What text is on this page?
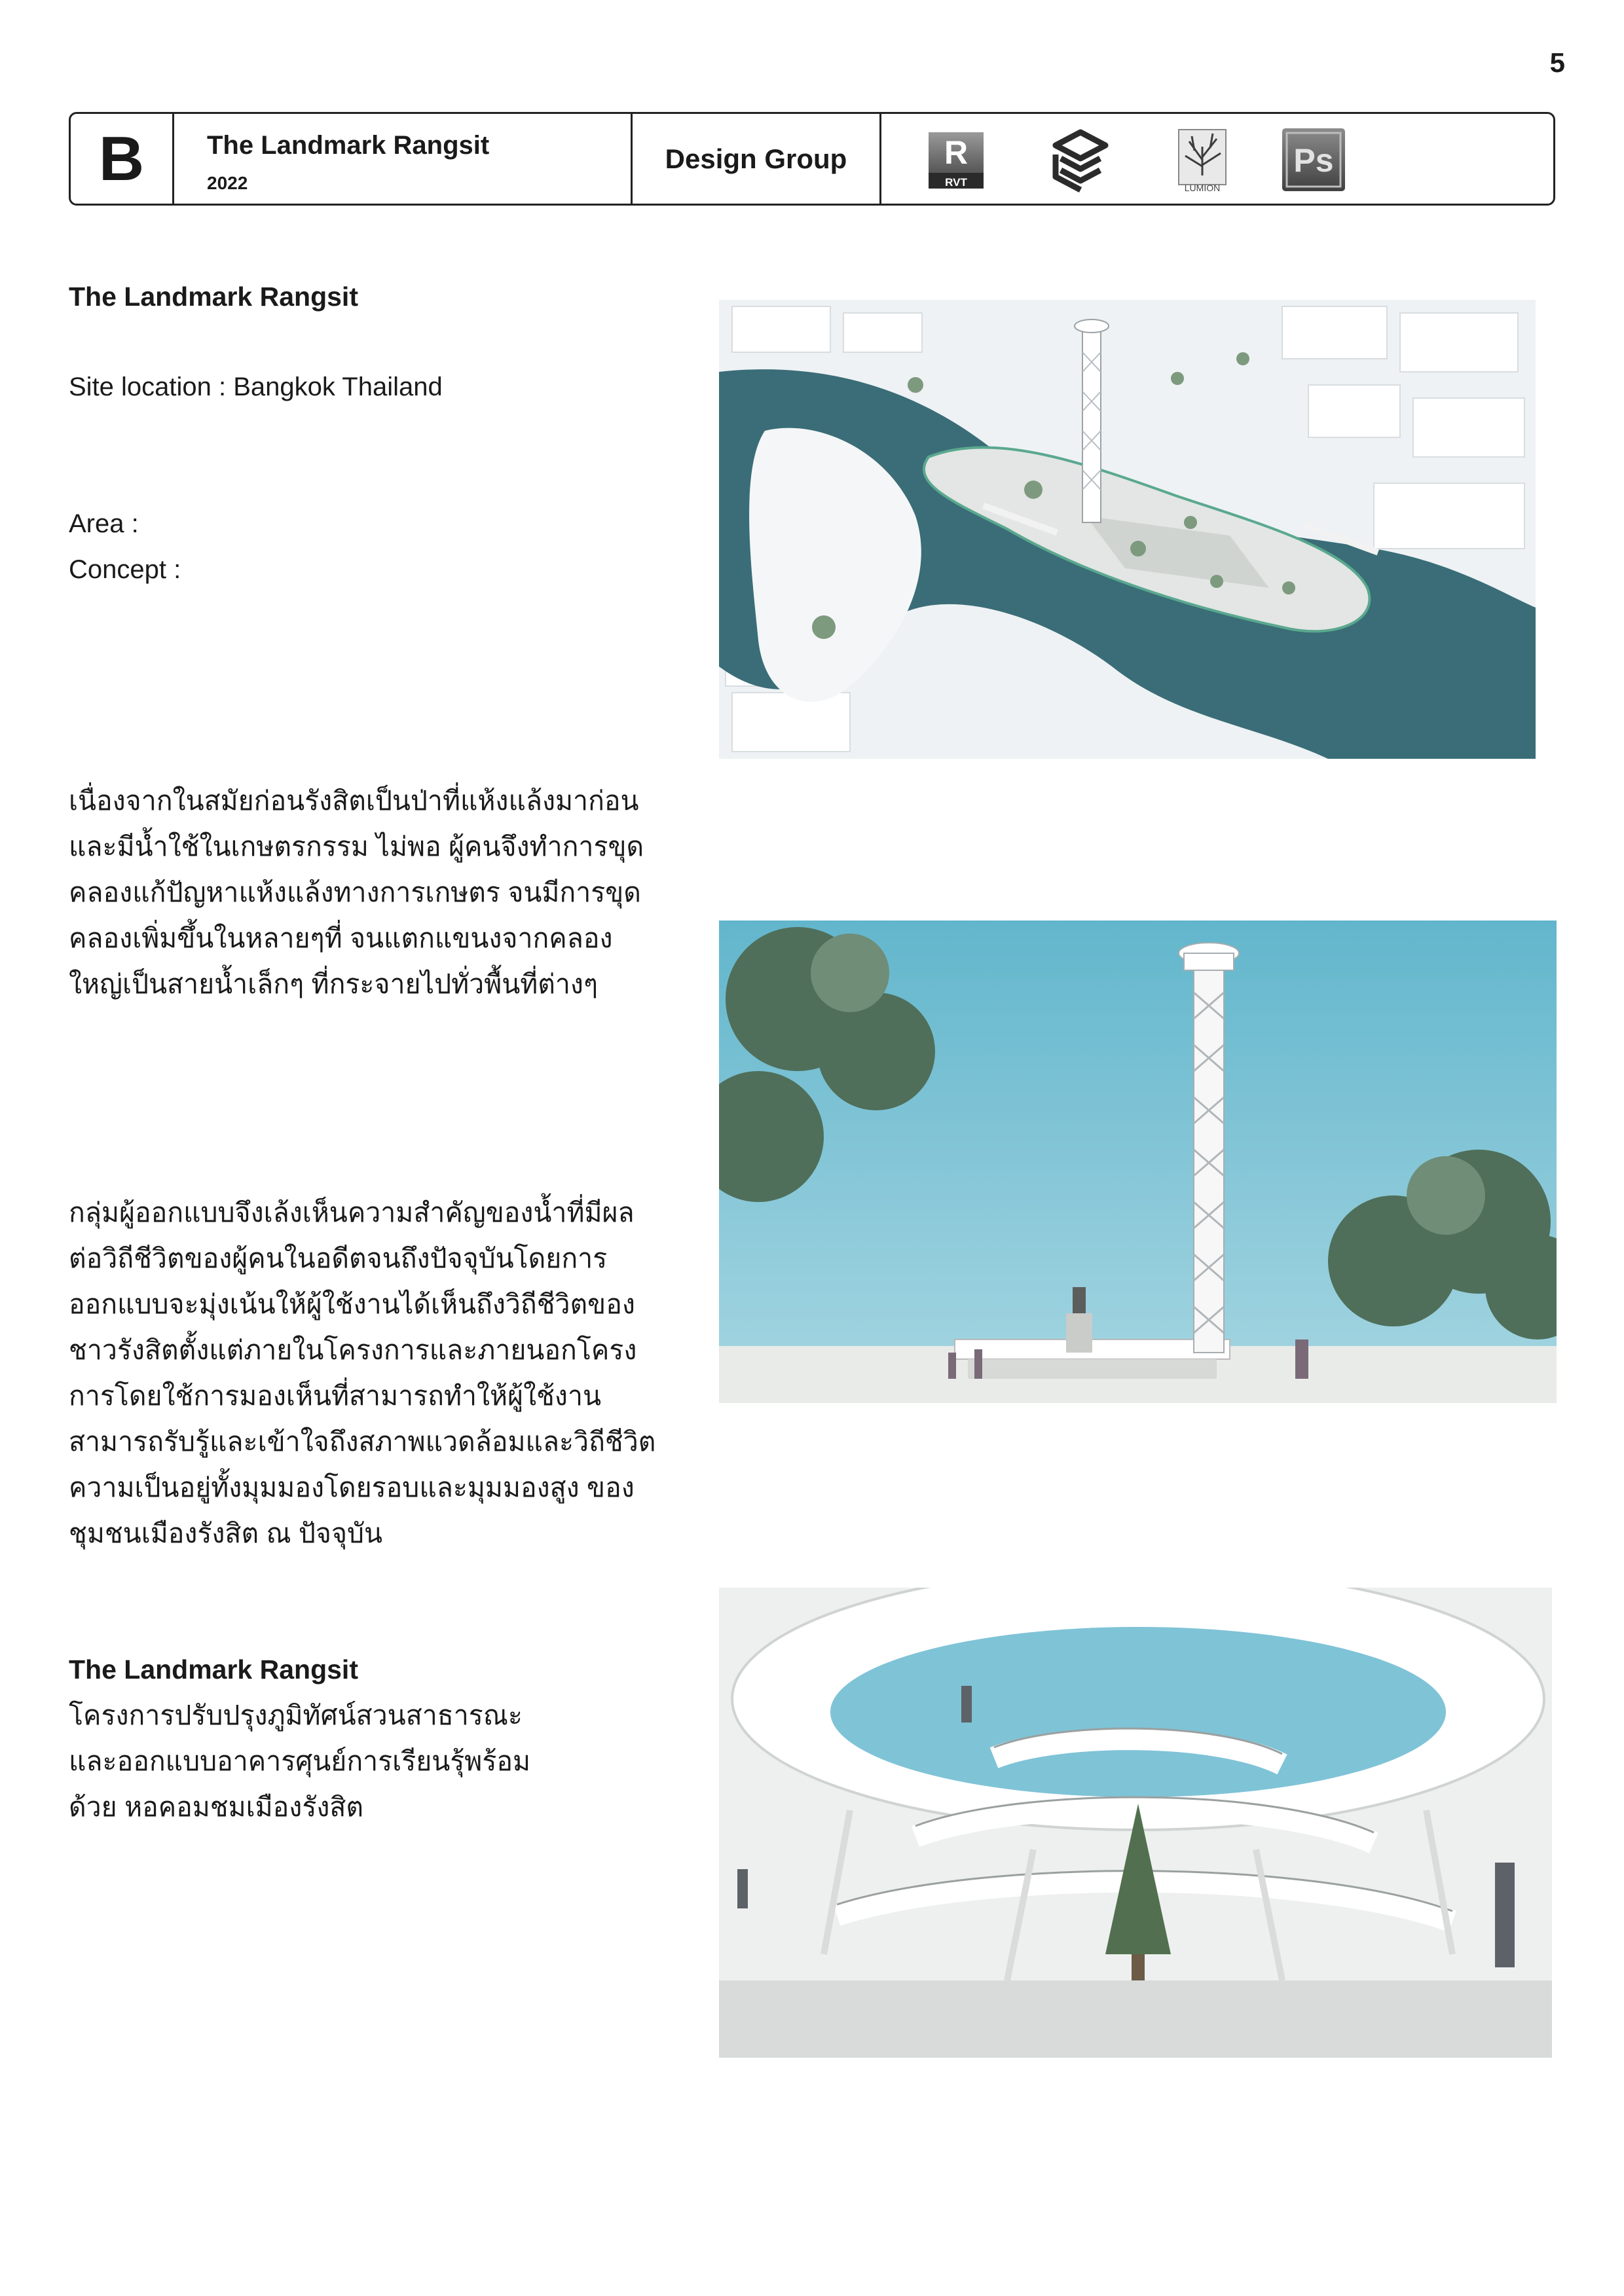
5
B	The Landmark Rangsit
2022
Design Group	R
RVT	LUMION
Ps
The Landmark Rangsit
Site location : Bangkok Thailand
Area :
Concept :
เนื่องจากในสมัยก่อนรังสิตเป็นป่าที่แห้งแล้งมาก่อน
และมีน้ำใช้ในเกษตรกรรม ไม่พอ ผู้คนจึงทำการขุด
คลองแก้ปัญหาแห้งแล้งทางการเกษตร จนมีการขุด
คลองเพิ่มขึ้นในหลายๆที่ จนแตกแขนงจากคลอง
ใหญ่เป็นสายน้ำเล็กๆ ที่กระจายไปทั่วพื้นที่ต่างๆ
กลุ่มผู้ออกแบบจึงเล้งเห็นความสำคัญของน้ำที่มีผล
ต่อวิถีชีวิตของผู้คนในอดีตจนถึงปัจจุบันโดยการ
ออกแบบจะมุ่งเน้นให้ผู้ใช้งานได้เห็นถึงวิถีชีวิตของ
ชาวรังสิตตั้งแต่ภายในโครงการและภายนอกโครง
การโดยใช้การมองเห็นที่สามารถทำให้ผู้ใช้งาน
สามารถรับรู้และเข้าใจถึงสภาพแวดล้อมและวิถีชีวิต
ความเป็นอยู่ทั้งมุมมองโดยรอบและมุมมองสูง ของ
ชุมชนเมืองรังสิต ณ ปัจจุบัน
The Landmark Rangsit
โครงการปรับปรุงภูมิทัศน์สวนสาธารณะ
และออกแบบอาคารศุนย์การเรียนรุ้พร้อม
ด้วย หอคอมชมเมืองรังสิต
